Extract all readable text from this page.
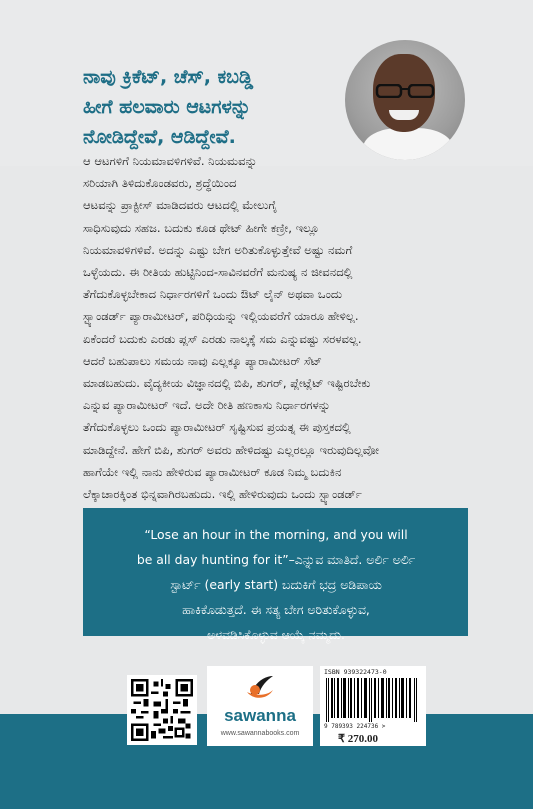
ನಾವು ಕ್ರಿಕೆಟ್, ಚೆಸ್, ಕಬಡ್ಡಿ
ಹೀಗೆ ಹಲವಾರು ಆಟಗಳನ್ನು
ನೋಡಿದ್ದೇವೆ, ಆಡಿದ್ದೇವೆ.
ಆ ಆಟಗಳಿಗೆ ನಿಯಮಾವಳಿಗಳಿವೆ. ನಿಯಮವನ್ನು
ಸರಿಯಾಗಿ ತಿಳಿದುಕೊಂಡವರು, ಶ್ರದ್ಧೆಯಿಂದ
ಆಟವನ್ನು ಪ್ರಾಕ್ಟೀಸ್ ಮಾಡಿದವರು ಆಟದಲ್ಲಿ ಮೇಲುಗೈ
ಸಾಧಿಸುವುದು ಸಹಜ. ಬದುಕು ಕೂಡ ಥೇಟ್ ಹೀಗೇ ಕಣ್ರೀ, ಇಲ್ಲೂ
ನಿಯಮಾವಳಿಗಳಿವೆ. ಅದನ್ನು ಎಷ್ಟು ಬೇಗ ಅರಿತುಕೊಳ್ಳುತ್ತೇವೆ ಅಷ್ಟು ನಮಗೆ
ಒಳ್ಳೆಯದು. ಈ ರೀತಿಯ ಹುಟ್ಟಿನಿಂದ-ಸಾವಿನವರೆಗೆ ಮನುಷ್ಯ ನ ಜೀವನದಲ್ಲಿ
ತೆಗೆದುಕೊಳ್ಳಬೇಕಾದ ನಿರ್ಧಾರಗಳಿಗೆ ಒಂದು ಔಟ್ ಲೈನ್ ಅಥವಾ ಒಂದು
ಸ್ಟ್ಯಾಂಡರ್ಡ್ ಪ್ಯಾರಾಮೀಟರ್, ಪರಿಧಿಯನ್ನು ಇಲ್ಲಿಯವರೆಗೆ ಯಾರೂ ಹೇಳಿಲ್ಲ.
ಏಕೆಂದರೆ ಬದುಕು ಎರಡು ಪ್ಲಸ್ ಎರಡು ನಾಲ್ಕಕ್ಕೆ ಸಮ ಎನ್ನುವಷ್ಟು ಸರಳವಲ್ಲ.
ಆದರೆ ಬಹುಪಾಲು ಸಮಯ ನಾವು ಎಲ್ಲಕ್ಕೂ ಪ್ಯಾರಾಮೀಟರ್ ಸೆಟ್
ಮಾಡಬಹುದು. ವೈದ್ಯಕೀಯ ವಿಜ್ಞಾನದಲ್ಲಿ ಬಿಪಿ, ಶುಗರ್, ಪ್ಲೇಟ್ಲೆಟ್ ಇಷ್ಟಿರಬೇಕು
ಎನ್ನುವ ಪ್ಯಾರಾಮೀಟರ್ ಇದೆ. ಅದೇ ರೀತಿ ಹಣಕಾಸು ನಿರ್ಧಾರಗಳನ್ನು
ತೆಗೆದುಕೊಳ್ಳಲು ಒಂದು ಪ್ಯಾರಾಮೀಟರ್ ಸೃಷ್ಟಿಸುವ ಪ್ರಯತ್ನ ಈ ಪುಸ್ತಕದಲ್ಲಿ
ಮಾಡಿದ್ದೇನೆ. ಹೇಗೆ ಬಿಪಿ, ಶುಗರ್ ಅವರು ಹೇಳಿದಷ್ಟು ಎಲ್ಲರಲ್ಲೂ ಇರುವುದಿಲ್ಲವೋ
ಹಾಗೆಯೇ ಇಲ್ಲಿ ನಾನು ಹೇಳಿರುವ ಪ್ಯಾರಾಮೀಟರ್ ಕೂಡ ನಿಮ್ಮ ಬದುಕಿನ
ಲೆಕ್ಕಾಚಾರಕ್ಕಿಂತ ಭಿನ್ನವಾಗಿರಬಹುದು. ಇಲ್ಲಿ ಹೇಳಿರುವುದು ಒಂದು ಸ್ಟ್ಯಾಂಡರ್ಡ್
“Lose an hour in the morning, and you will
be all day hunting for it”–ಎನ್ನುವ ಮಾತಿದೆ. ಅರ್ಲಿ ಅರ್ಲಿ
ಸ್ಟಾರ್ಟ್ (early start) ಬದುಕಿಗೆ ಭದ್ರ ಅಡಿಪಾಯ
ಹಾಕಿಕೊಡುತ್ತದೆ. ಈ ಸತ್ಯ ಬೇಗ ಅರಿತುಕೊಳ್ಳುವ,
ಅಳವಡಿಸಿಕೊಳ್ಳುವ ಆಯ್ಕೆ ನಮ್ಮದು.
sawanna
www.sawannabooks.com
ISBN 939322473-0
9 789393 224736 >
₹ 270.00
